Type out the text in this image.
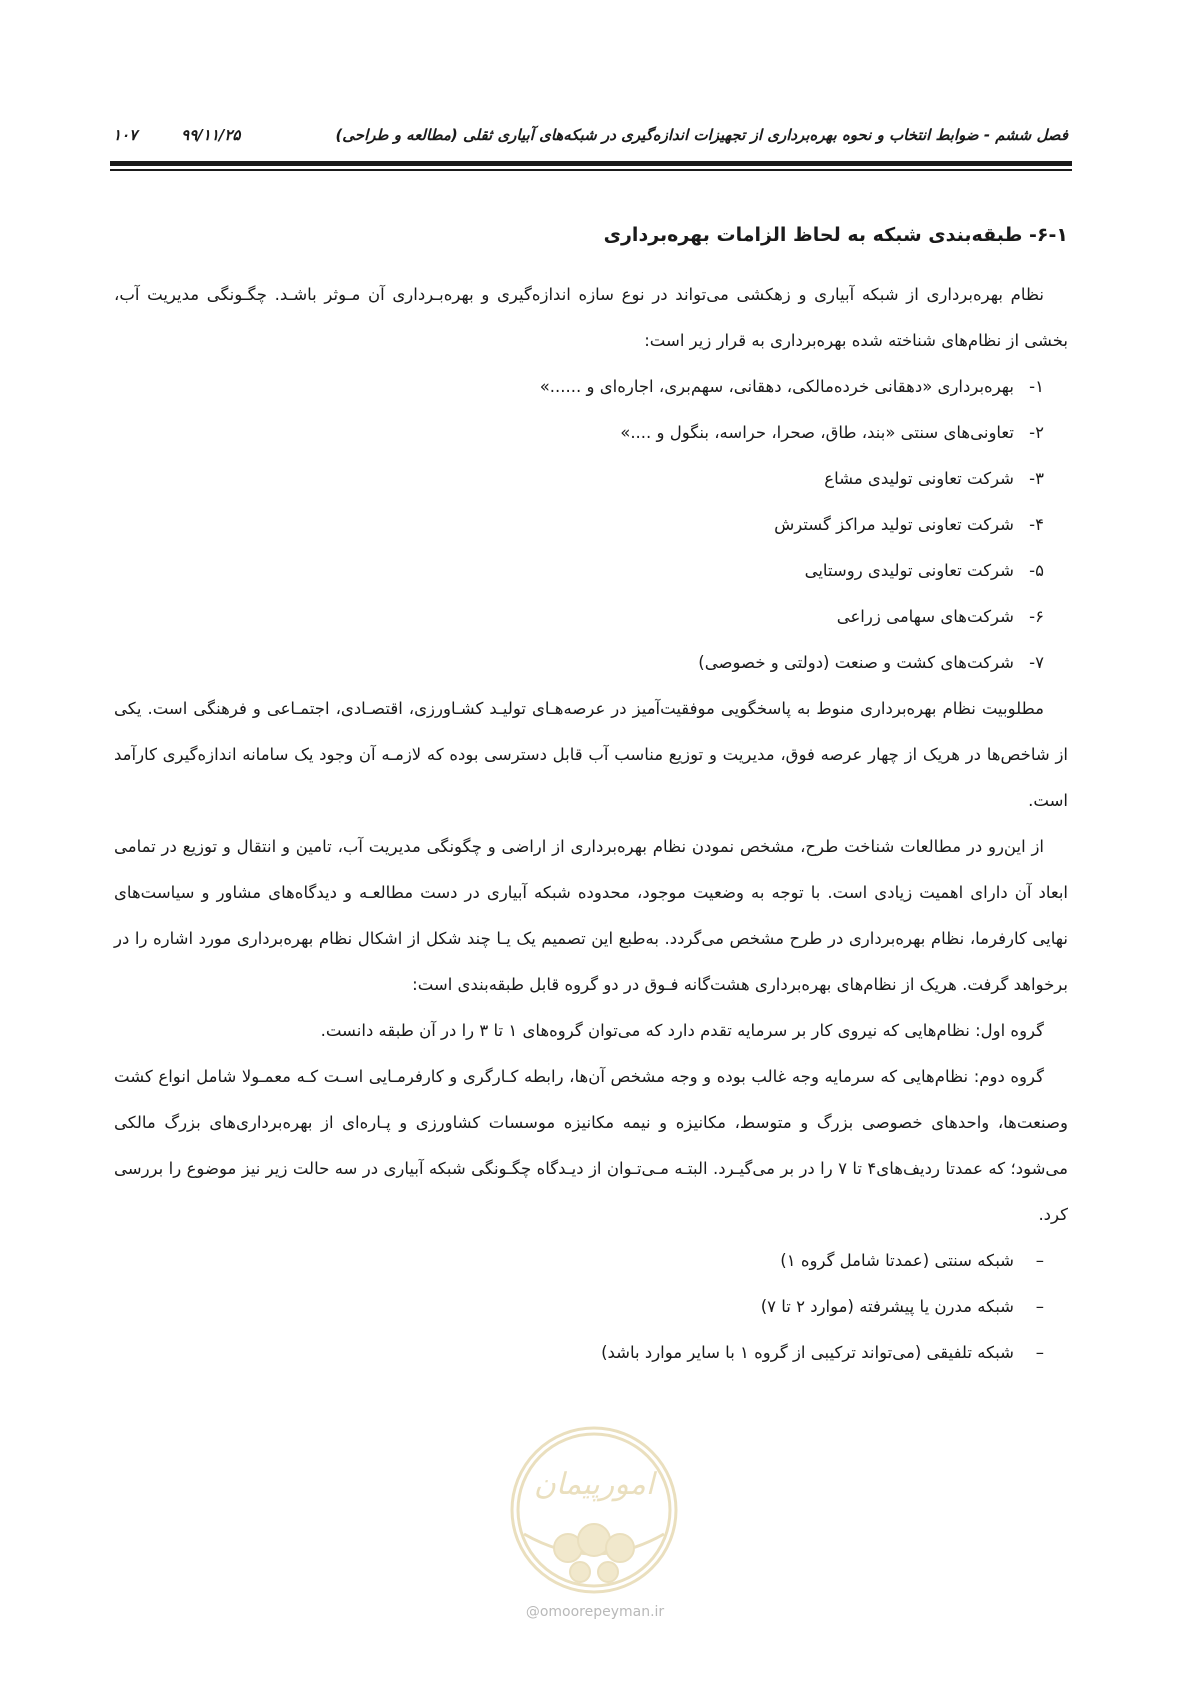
۱۰۷	۹۹/۱۱/۲۵	فصل ششم - ضوابط انتخاب و نحوه بهره‌برداری از تجهیزات اندازه‌گیری در شبکه‌های آبیاری ثقلی (مطالعه و طراحی)
۶-۱- طبقه‌بندی شبکه به لحاظ الزامات بهره‌برداری

نظام بهره‌برداری از شبکه آبیاری و زهکشی می‌تواند در نوع سازه اندازه‌گیری و بهره‌بـرداری آن مـوثر باشـد. چگـونگی مدیریت آب، بخشی از نظام‌های شناخته شده بهره‌برداری به قرار زیر است:

۱-بهره‌برداری «دهقانی خرده‌مالکی، دهقانی، سهم‌بری، اجاره‌ای و ......»
۲-تعاونی‌های سنتی «بند، طاق، صحرا، حراسه، بنگول و ....»
۳-شرکت تعاونی تولیدی مشاع
۴-شرکت تعاونی تولید مراکز گسترش
۵-شرکت تعاونی تولیدی روستایی
۶-شرکت‌های سهامی زراعی
۷-شرکت‌های کشت و صنعت (دولتی و خصوصی)

مطلوبیت نظام بهره‌برداری منوط به پاسخگویی موفقیت‌آمیز در عرصه‌هـای تولیـد کشـاورزی، اقتصـادی، اجتمـاعی و فرهنگی است. یکی از شاخص‌ها در هریک از چهار عرصه فوق، مدیریت و توزیع مناسب آب قابل دسترسی بوده که لازمـه آن وجود یک سامانه اندازه‌گیری کارآمد است.

از این‌رو در مطالعات شناخت طرح، مشخص نمودن نظام بهره‌برداری از اراضی و چگونگی مدیریت آب، تامین و انتقال و توزیع در تمامی ابعاد آن دارای اهمیت زیادی است. با توجه به وضعیت موجود، محدوده شبکه آبیاری در دست مطالعـه و دیدگاه‌های مشاور و سیاست‌های نهایی کارفرما، نظام بهره‌برداری در طرح مشخص می‌گردد. به‌طبع این تصمیم یک یـا چند شکل از اشکال نظام بهره‌برداری مورد اشاره را در برخواهد گرفت. هریک از نظام‌های بهره‌برداری هشت‌گانه فـوق در دو گروه قابل طبقه‌بندی است:

گروه اول: نظام‌هایی که نیروی کار بر سرمایه تقدم دارد که می‌توان گروه‌های ۱ تا ۳ را در آن طبقه دانست.

گروه دوم: نظام‌هایی که سرمایه وجه غالب بوده و وجه مشخص آن‌ها، رابطه کـارگری و کارفرمـایی اسـت کـه معمـولا شامل انواع کشت وصنعت‌ها، واحدهای خصوصی بزرگ و متوسط، مکانیزه و نیمه مکانیزه موسسات کشاورزی و پـاره‌ای از بهره‌برداری‌های بزرگ مالکی می‌شود؛ که عمدتا ردیف‌های۴ تا ۷ را در بر می‌گیـرد. البتـه مـی‌تـوان از دیـدگاه چگـونگی شبکه آبیاری در سه حالت زیر نیز موضوع را بررسی کرد.

–شبکه سنتی (عمدتا شامل گروه ۱)
–شبکه مدرن یا پیشرفته (موارد ۲ تا ۷)
–شبکه تلفیقی (می‌تواند ترکیبی از گروه ۱ با سایر موارد باشد)
امورپیمان
@omoorepeyman.ir
